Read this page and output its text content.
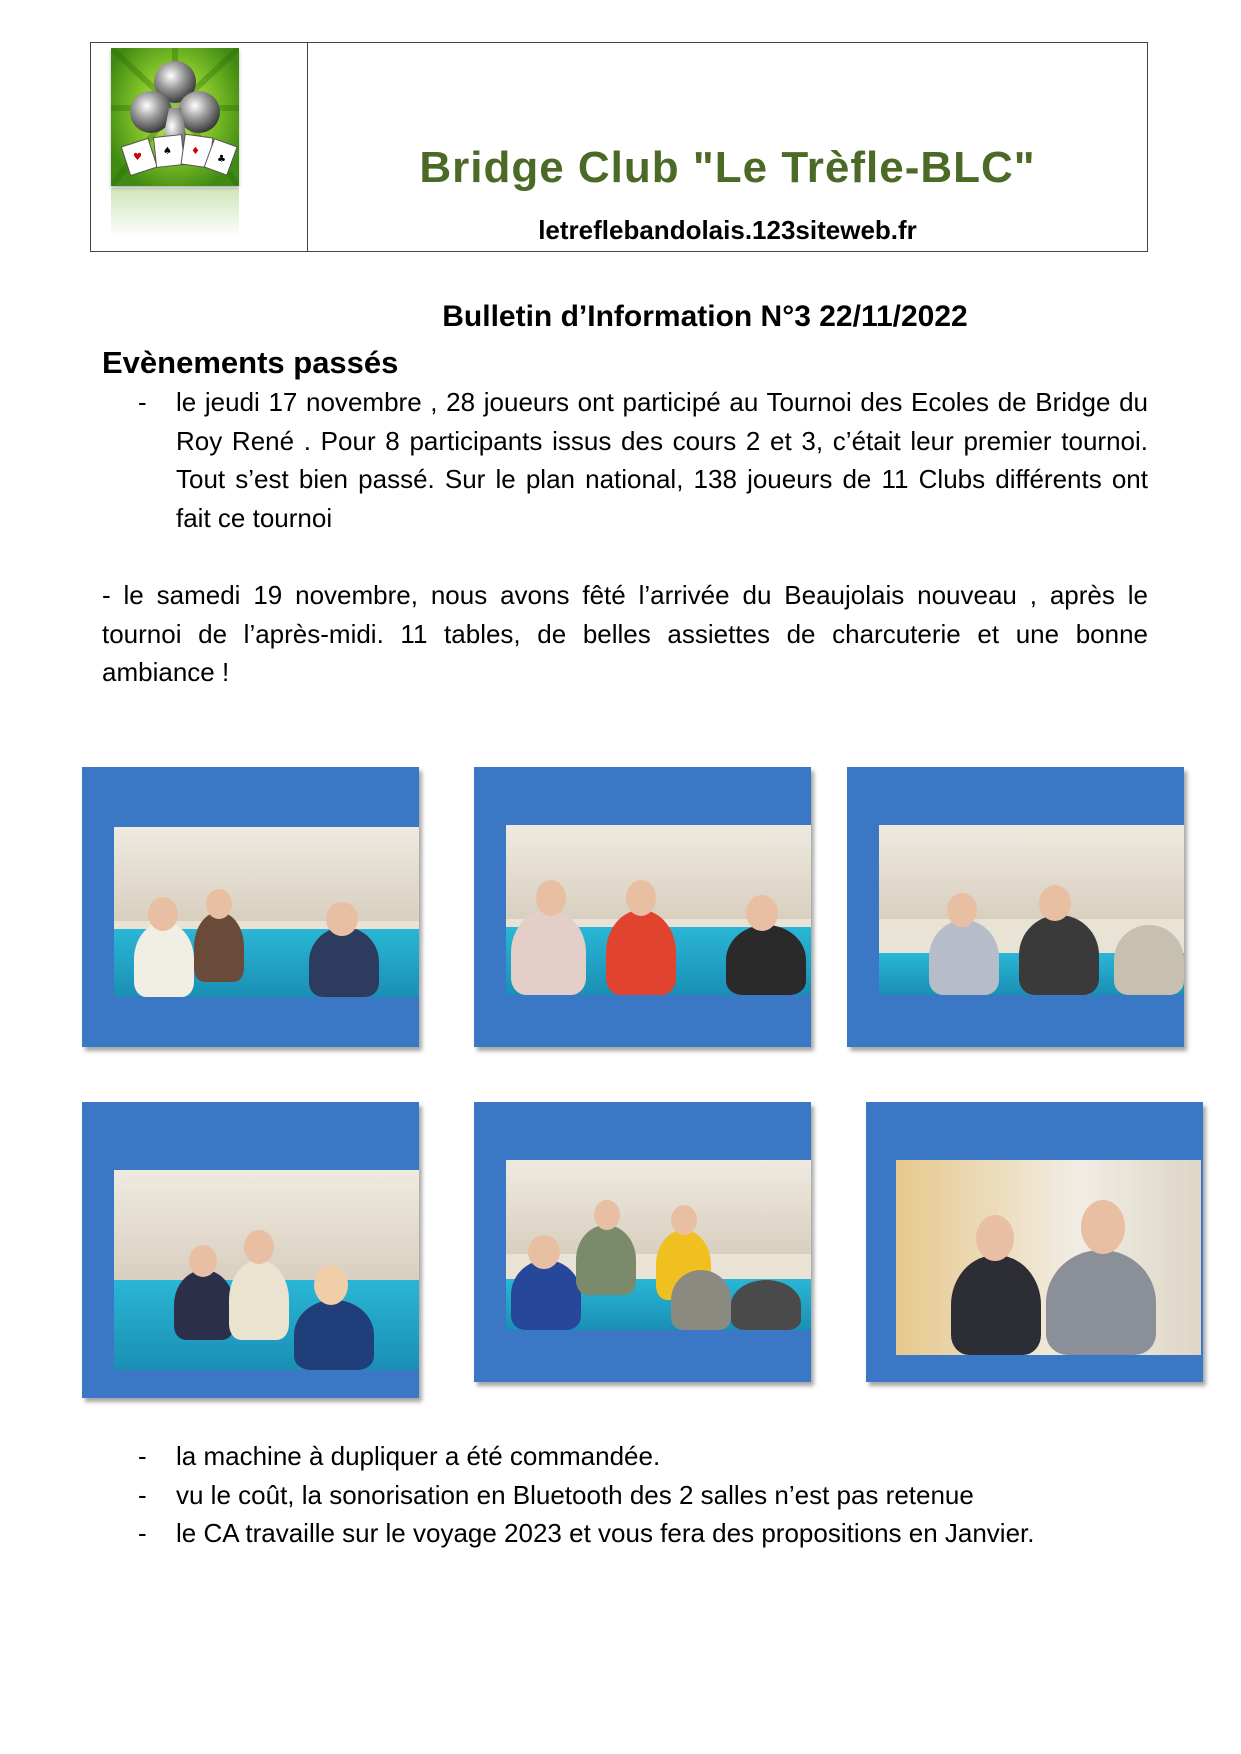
♥
♠ ♦
♣	Bridge Club "Le Trèfle-BLC"
letreflebandolais.123siteweb.fr
Bulletin d’Information N°3 22/11/2022
Evènements passés
- le jeudi 17 novembre , 28 joueurs ont participé au Tournoi des Ecoles de Bridge du Roy René . Pour 8 participants issus des cours 2 et 3, c’était leur premier tournoi. Tout s’est bien passé. Sur le plan national, 138 joueurs de 11 Clubs différents ont fait ce tournoi

- le samedi 19 novembre, nous avons fêté l’arrivée du Beaujolais nouveau , après le tournoi de l’après-midi. 11 tables, de belles assiettes de charcuterie et une bonne ambiance !

- la machine à dupliquer a été commandée.
- vu le coût, la sonorisation en Bluetooth des 2 salles n’est pas retenue
- le CA travaille sur le voyage 2023 et vous fera des propositions en Janvier.
